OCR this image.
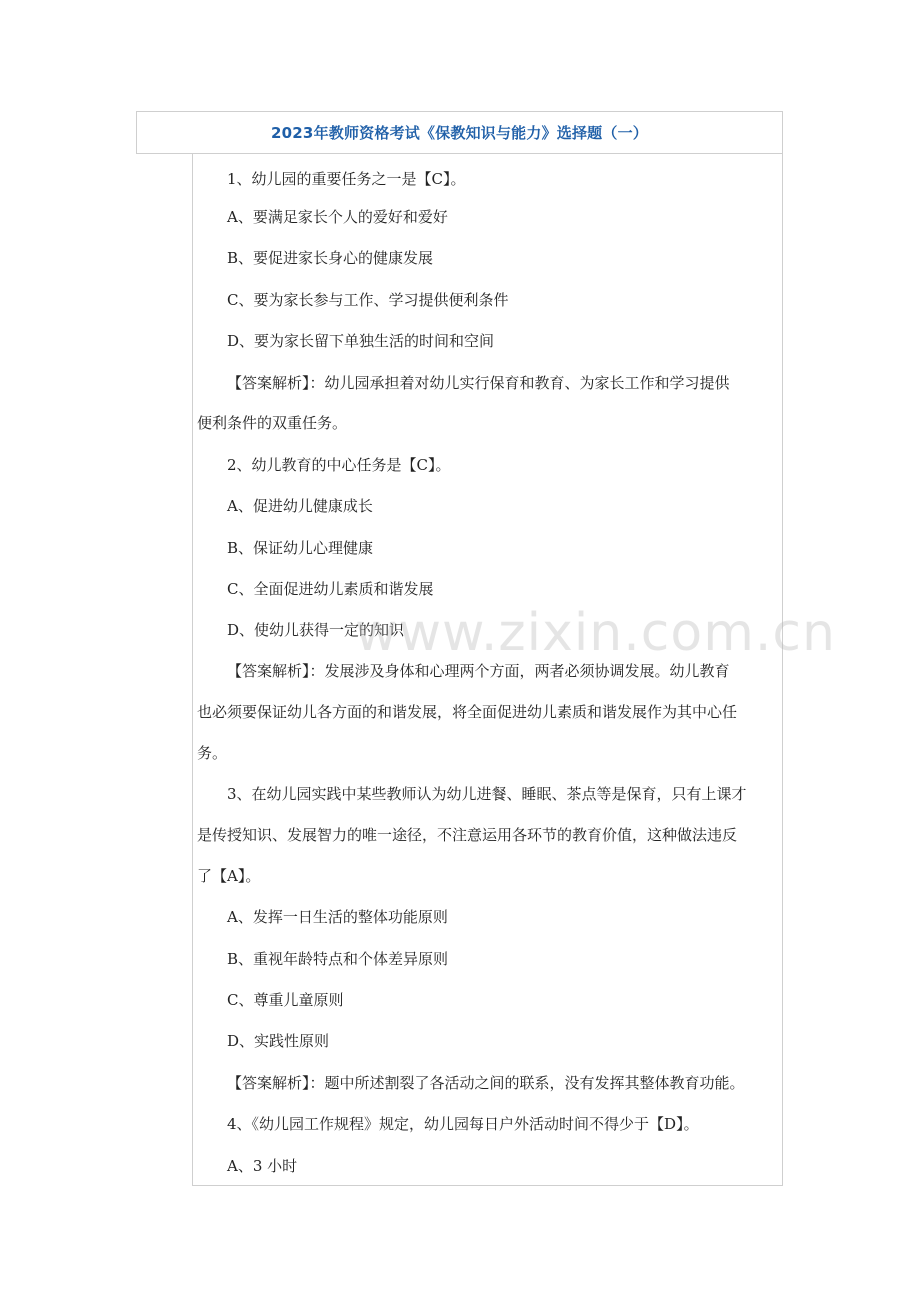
2023年教师资格考试《保教知识与能力》选择题（一）
1、幼儿园的重要任务之一是【C】。
A、要满足家长个人的爱好和爱好
B、要促进家长身心的健康发展
C、要为家长参与工作、学习提供便利条件
D、要为家长留下单独生活的时间和空间
【答案解析】：幼儿园承担着对幼儿实行保育和教育、为家长工作和学习提供
便利条件的双重任务。
2、幼儿教育的中心任务是【C】。
A、促进幼儿健康成长
B、保证幼儿心理健康
C、全面促进幼儿素质和谐发展
D、使幼儿获得一定的知识
【答案解析】：发展涉及身体和心理两个方面，两者必须协调发展。幼儿教育
也必须要保证幼儿各方面的和谐发展，将全面促进幼儿素质和谐发展作为其中心任
务。
3、在幼儿园实践中某些教师认为幼儿进餐、睡眠、茶点等是保育，只有上课才
是传授知识、发展智力的唯一途径，不注意运用各环节的教育价值，这种做法违反
了【A】。
A、发挥一日生活的整体功能原则
B、重视年龄特点和个体差异原则
C、尊重儿童原则
D、实践性原则
【答案解析】：题中所述割裂了各活动之间的联系，没有发挥其整体教育功能。
4、《幼儿园工作规程》规定，幼儿园每日户外活动时间不得少于【D】。
A、3 小时
www.zixin.com.cn
